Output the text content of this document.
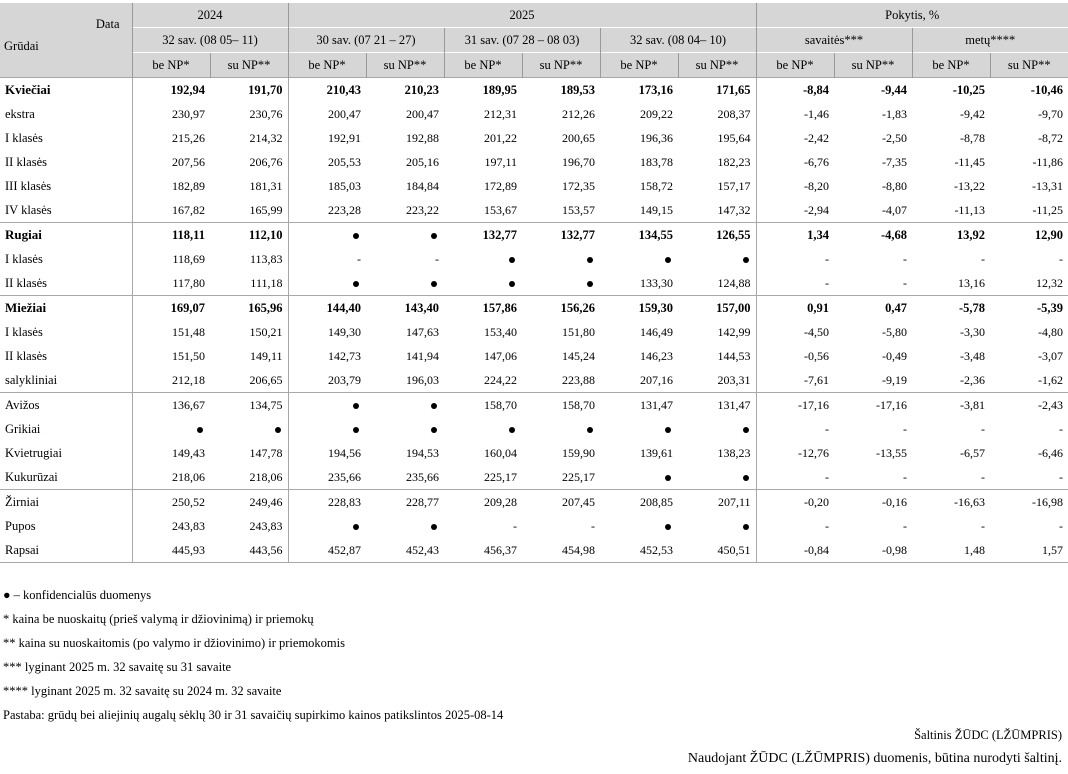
Data
Grūdai	2024		2025						Pokytis, %			
	32 sav. (08 05– 11)		30 sav. (07 21 – 27)		31 sav. (07 28 – 08 03)		32 sav. (08 04– 10)		savaitės***		metų****	
	be NP*	su NP**	be NP*	su NP**	be NP*	su NP**	be NP*	su NP**	be NP*	su NP**	be NP*	su NP**
Kviečiai	192,94	191,70	210,43	210,23	189,95	189,53	173,16	171,65	-8,84	-9,44	-10,25	-10,46
ekstra	230,97	230,76	200,47	200,47	212,31	212,26	209,22	208,37	-1,46	-1,83	-9,42	-9,70
I klasės	215,26	214,32	192,91	192,88	201,22	200,65	196,36	195,64	-2,42	-2,50	-8,78	-8,72
II klasės	207,56	206,76	205,53	205,16	197,11	196,70	183,78	182,23	-6,76	-7,35	-11,45	-11,86
III klasės	182,89	181,31	185,03	184,84	172,89	172,35	158,72	157,17	-8,20	-8,80	-13,22	-13,31
IV klasės	167,82	165,99	223,28	223,22	153,67	153,57	149,15	147,32	-2,94	-4,07	-11,13	-11,25
Rugiai	118,11	112,10			132,77	132,77	134,55	126,55	1,34	-4,68	13,92	12,90
I klasės	118,69	113,83	-	-					-	-	-	-
II klasės	117,80	111,18					133,30	124,88	-	-	13,16	12,32
Miežiai	169,07	165,96	144,40	143,40	157,86	156,26	159,30	157,00	0,91	0,47	-5,78	-5,39
I klasės	151,48	150,21	149,30	147,63	153,40	151,80	146,49	142,99	-4,50	-5,80	-3,30	-4,80
II klasės	151,50	149,11	142,73	141,94	147,06	145,24	146,23	144,53	-0,56	-0,49	-3,48	-3,07
salykliniai	212,18	206,65	203,79	196,03	224,22	223,88	207,16	203,31	-7,61	-9,19	-2,36	-1,62
Avižos	136,67	134,75			158,70	158,70	131,47	131,47	-17,16	-17,16	-3,81	-2,43
Grikiai									-	-	-	-
Kvietrugiai	149,43	147,78	194,56	194,53	160,04	159,90	139,61	138,23	-12,76	-13,55	-6,57	-6,46
Kukurūzai	218,06	218,06	235,66	235,66	225,17	225,17			-	-	-	-
Žirniai	250,52	249,46	228,83	228,77	209,28	207,45	208,85	207,11	-0,20	-0,16	-16,63	-16,98
Pupos	243,83	243,83			-	-			-	-	-	-
Rapsai	445,93	443,56	452,87	452,43	456,37	454,98	452,53	450,51	-0,84	-0,98	1,48	1,57
● – konfidencialūs duomenys
* kaina be nuoskaitų (prieš valymą ir džiovinimą) ir priemokų
** kaina su nuoskaitomis (po valymo ir džiovinimo) ir priemokomis
*** lyginant 2025 m. 32 savaitę su 31 savaite
**** lyginant 2025 m. 32 savaitę su 2024 m. 32 savaite
Pastaba: grūdų bei aliejinių augalų sėklų 30 ir 31 savaičių supirkimo kainos patikslintos 2025-08-14
Šaltinis ŽŪDC (LŽŪMPRIS)
Naudojant ŽŪDC (LŽŪMPRIS) duomenis, būtina nurodyti šaltinį.
